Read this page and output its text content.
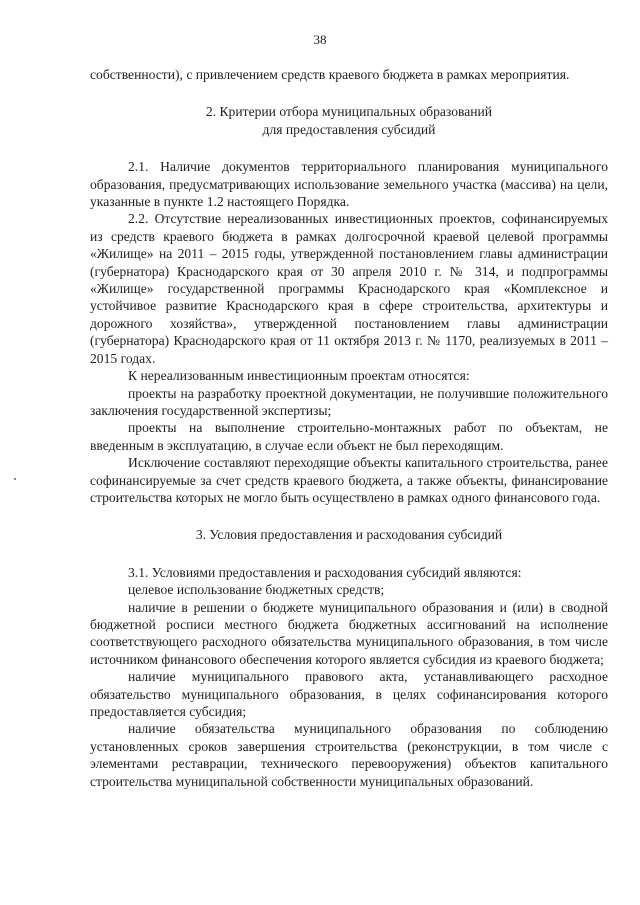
38

собственности), с привлечением средств краевого бюджета в рамках мероприятия.

2. Критерии отбора муниципальных образований

для предоставления субсидий

2.1. Наличие документов территориального планирования муниципального образования, предусматривающих использование земельного участка (массива) на цели, указанные в пункте 1.2 настоящего Порядка.

2.2. Отсутствие нереализованных инвестиционных проектов, софинансируемых из средств краевого бюджета в рамках долгосрочной краевой целевой программы «Жилище» на 2011 – 2015 годы, утвержденной постановлением главы администрации (губернатора) Краснодарского края от 30 апреля 2010 г. № 314, и подпрограммы «Жилище» государственной программы Краснодарского края «Комплексное и устойчивое развитие Краснодарского края в сфере строительства, архитектуры и дорожного хозяйства», утвержденной постановлением главы администрации (губернатора) Краснодарского края от 11 октября 2013 г. № 1170, реализуемых в 2011 – 2015 годах.

К нереализованным инвестиционным проектам относятся:

проекты на разработку проектной документации, не получившие положительного заключения государственной экспертизы;

проекты на выполнение строительно-монтажных работ по объектам, не введенным в эксплуатацию, в случае если объект не был переходящим.

Исключение составляют переходящие объекты капитального строительства, ранее софинансируемые за счет средств краевого бюджета, а также объекты, финансирование строительства которых не могло быть осуществлено в рамках одного финансового года.

3. Условия предоставления и расходования субсидий

3.1. Условиями предоставления и расходования субсидий являются:

целевое использование бюджетных средств;

наличие в решении о бюджете муниципального образования и (или) в сводной бюджетной росписи местного бюджета бюджетных ассигнований на исполнение соответствующего расходного обязательства муниципального образования, в том числе источником финансового обеспечения которого является субсидия из краевого бюджета;

наличие муниципального правового акта, устанавливающего расходное обязательство муниципального образования, в целях софинансирования которого предоставляется субсидия;

наличие обязательства муниципального образования по соблюдению установленных сроков завершения строительства (реконструкции, в том числе с элементами реставрации, технического перевооружения) объектов капитального строительства муниципальной собственности муниципальных образований.
